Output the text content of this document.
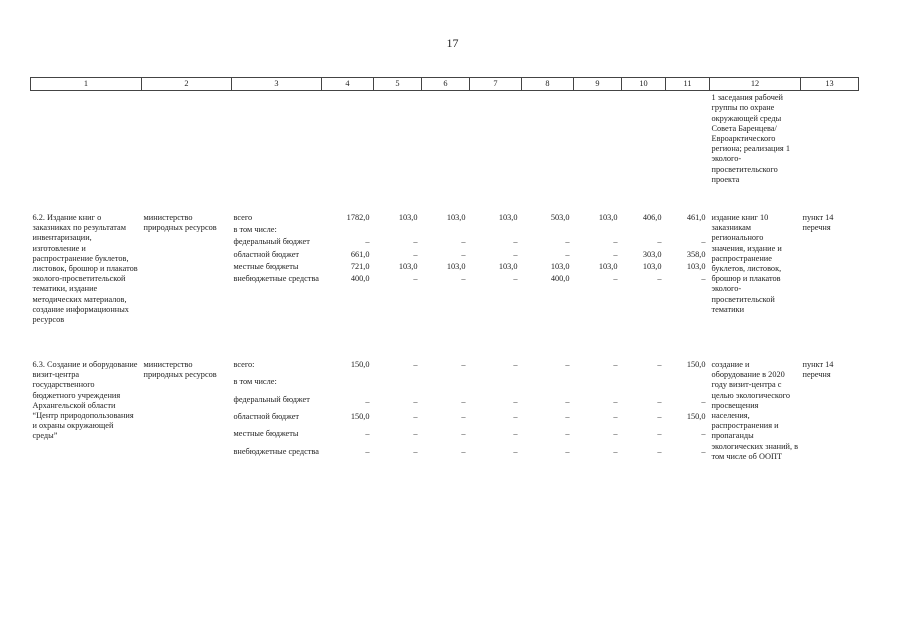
17
1	2	3	4	5	6	7	8	9	10	11	12	13
											1 заседания рабочей группы по охране окружающей среды Совета Баренцева/ Евроарктического региона; реализация 1 эколого-просветительского проекта	

6.2. Издание книг о заказниках по результатам инвентаризации, изготовление и распространение буклетов, листовок, брошюр и плакатов эколого-просветительской тематики, издание методических материалов, создание информационных ресурсов	министерство природных ресурсов	всего	1782,0	103,0	103,0	103,0	503,0	103,0	406,0	461,0	издание книг 10 заказникам регионального значения, издание и распространение буклетов, листовок, брошюр и плакатов эколого-просветительской тематики	пункт 14 перечня
		в том числе:										
		федеральный бюджет	–	–	–	–	–	–	–	–		
		областной бюджет	661,0	–	–	–	–	–	303,0	358,0		
		местные бюджеты	721,0	103,0	103,0	103,0	103,0	103,0	103,0	103,0		
		внебюджетные средства	400,0	–	–	–	400,0	–	–	–		

6.3. Создание и оборудование визит-центра государственного бюджетного учреждения Архангельской области “Центр природопользования и охраны окружающей среды”	министерство природных ресурсов	всего:	150,0	–	–	–	–	–	–	150,0	создание и оборудование в 2020 году визит-центра с целью экологического просвещения населения, распространения и пропаганды экологических знаний, в том числе об ООПТ	пункт 14 перечня
		в том числе:										
		федеральный бюджет	–	–	–	–	–	–	–	–		
		областной бюджет	150,0	–	–	–	–	–	–	150,0		
		местные бюджеты	–	–	–	–	–	–	–	–		
		внебюджетные средства	–	–	–	–	–	–	–	–		
